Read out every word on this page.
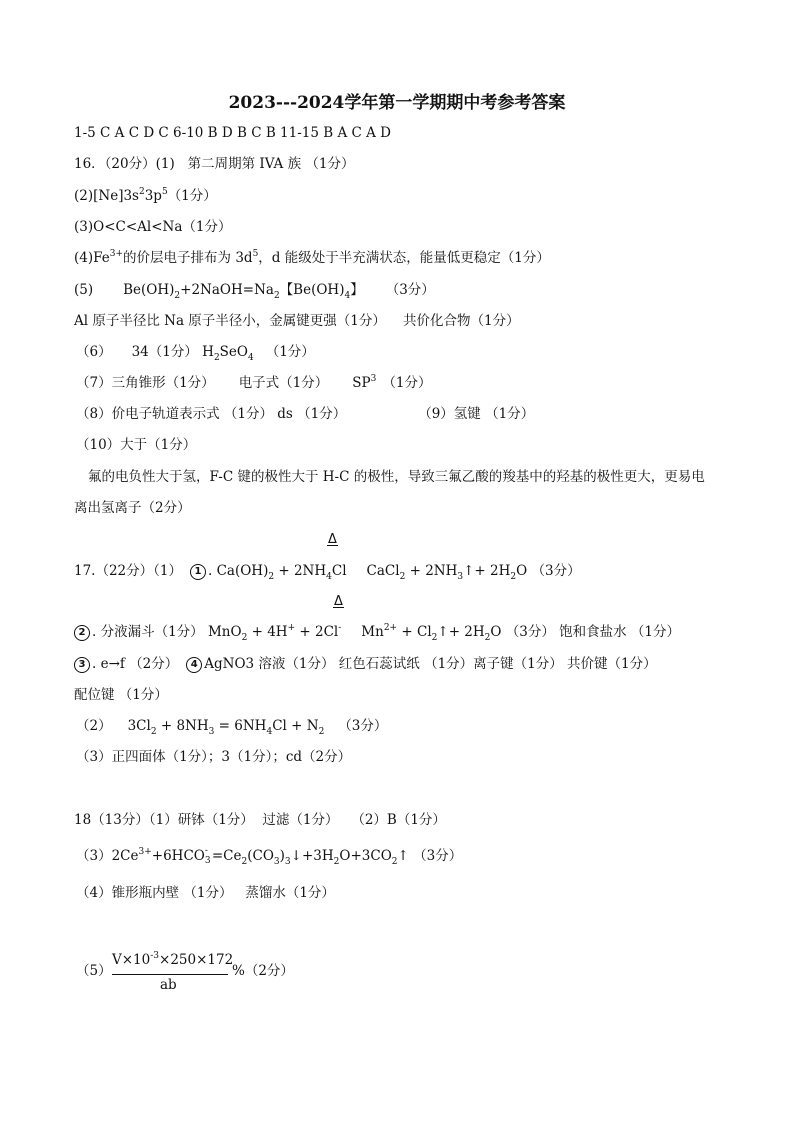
2023---2024学年第一学期期中考参考答案
1-5 C A C D C 6-10 B D B C B 11-15 B A C A D
16．（20分）(1)   第二周期第 IVA 族 （1分）
$(2)[Ne]3s^23p^5(1$分）
(3)O<C<Al<Na（1分）
$(4)Fe^{3+}$的价层电子排布为 $3d^5$，d 能级处于半充满状态，能量低更稳定（1分）
(5) $Be(OH)_2+2NaOH=Na_2$【$Be(OH)_4$】 （3分）
Al 原子半径比 Na 原子半径小，金属键更强（1分）    共价化合物（1分）
（6） 34（1分） $H_2SeO_4$ （1分）
（7）三角锥形（1分） 电子式（1分） $SP^3$ （1分）
（8）价电子轨道表示式 （1分） ds （1分）	（9）氢键 （1分）
（10）大于（1分）
氟的电负性大于氢，F-C 键的极性大于 H-C 的极性，导致三氟乙酸的羧基中的羟基的极性更大，更易电
离出氢离子（2分）
Δ
17.（22分）（1） 1 . $Ca(OH)_2 + 2NH_4Cl$ CaCl$_2$ + $2NH_3↑+ 2H_2O$ （3分）
Δ
2 . 分液漏斗（1分） MnO$_2$ + 4H+ + 2Cl- $Mn^{2+}$ + $Cl_2↑+ 2H_2O$ （3分） 饱和食盐水 （1分）
3 . e→f （2分） 4 AgNO3 溶液（1分） 红色石蕊试纸 （1分）离子键（1分） 共价键（1分）
配位键 （1分）
（2） $3Cl_2 + 8NH_3 = 6NH_4Cl + N_2$ （3分）
（3）正四面体（1分）；3（1分）；cd（2分）
18（13分）（1）研钵（1分）  过滤（1分）   （2）B（1分）
$(3)2Ce^{3+}+6HCO$ -
$3 =Ce_2(CO_3)_3↓+3H_2O+3CO_2↑$ （3分）
（4）锥形瓶内壁 （1分）   蒸馏水（1分）
（5）
$V\times 10^{-3}\times 250\times 172$
ab
%（2分）
